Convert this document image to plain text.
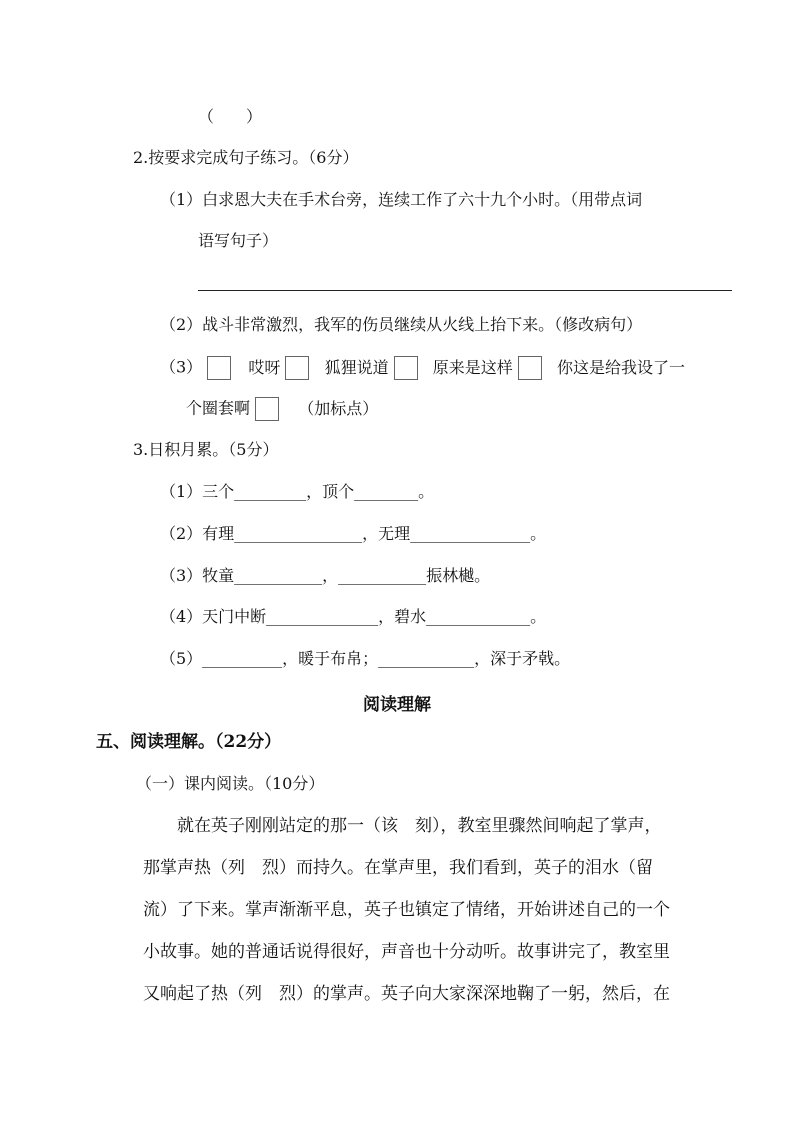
（　　）
2.按要求完成句子练习。（6分）
（1）白求恩大夫在手术台旁，连续工作了六十九个小时。（用带点词
语写句子）
（2）战斗非常激烈，我军的伤员继续从火线上抬下来。（修改病句）
（3）	哎呀	狐狸说道	原来是这样	你这是给我设了一
个圈套啊	（加标点）
3.日积月累。（5分）
（1）三个_________，顶个________。
（2）有理________________，无理_______________。
（3）牧童___________，___________振林樾。
（4）天门中断______________，碧水_____________。
（5）__________，暖于布帛；____________，深于矛戟。
阅读理解
五、阅读理解。（22分）
（一）课内阅读。（10分）
就在英子刚刚站定的那一（该　刻），教室里骤然间响起了掌声，
那掌声热（列　烈）而持久。在掌声里，我们看到，英子的泪水（留
流）了下来。掌声渐渐平息，英子也镇定了情绪，开始讲述自己的一个
小故事。她的普通话说得很好，声音也十分动听。故事讲完了，教室里
又响起了热（列　烈）的掌声。英子向大家深深地鞠了一躬，然后，在
